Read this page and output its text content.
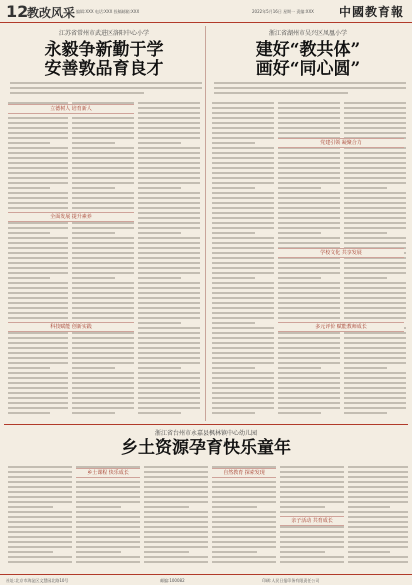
12
教改风采 编辑:XXX 电话:XXX 投稿邮箱:XXX	2022年5月16日 星期一 责编:XXX 中國教育報
江苏省常州市武进区洛阳中心小学
永毅争新勤于学
安善敦品育良才
浙江省湖州市吴兴区凤凰小学
建好“教共体”
画好“同心圆”
立德树人 培育新人
全面发展 提升素养
科技赋能 创新实践
党建引领 凝聚合力
学校文化 共享发展
多元评价 赋能教师成长
浙江省台州市永嘉县枫林镇中心幼儿园
乡土资源孕育快乐童年
乡土课程 快乐成长	自然教育 探索发现
亲子活动 共育成长
社址:北京市海淀区文慧园北路10号	邮编:100082	印刷:人民日报印务有限责任公司
